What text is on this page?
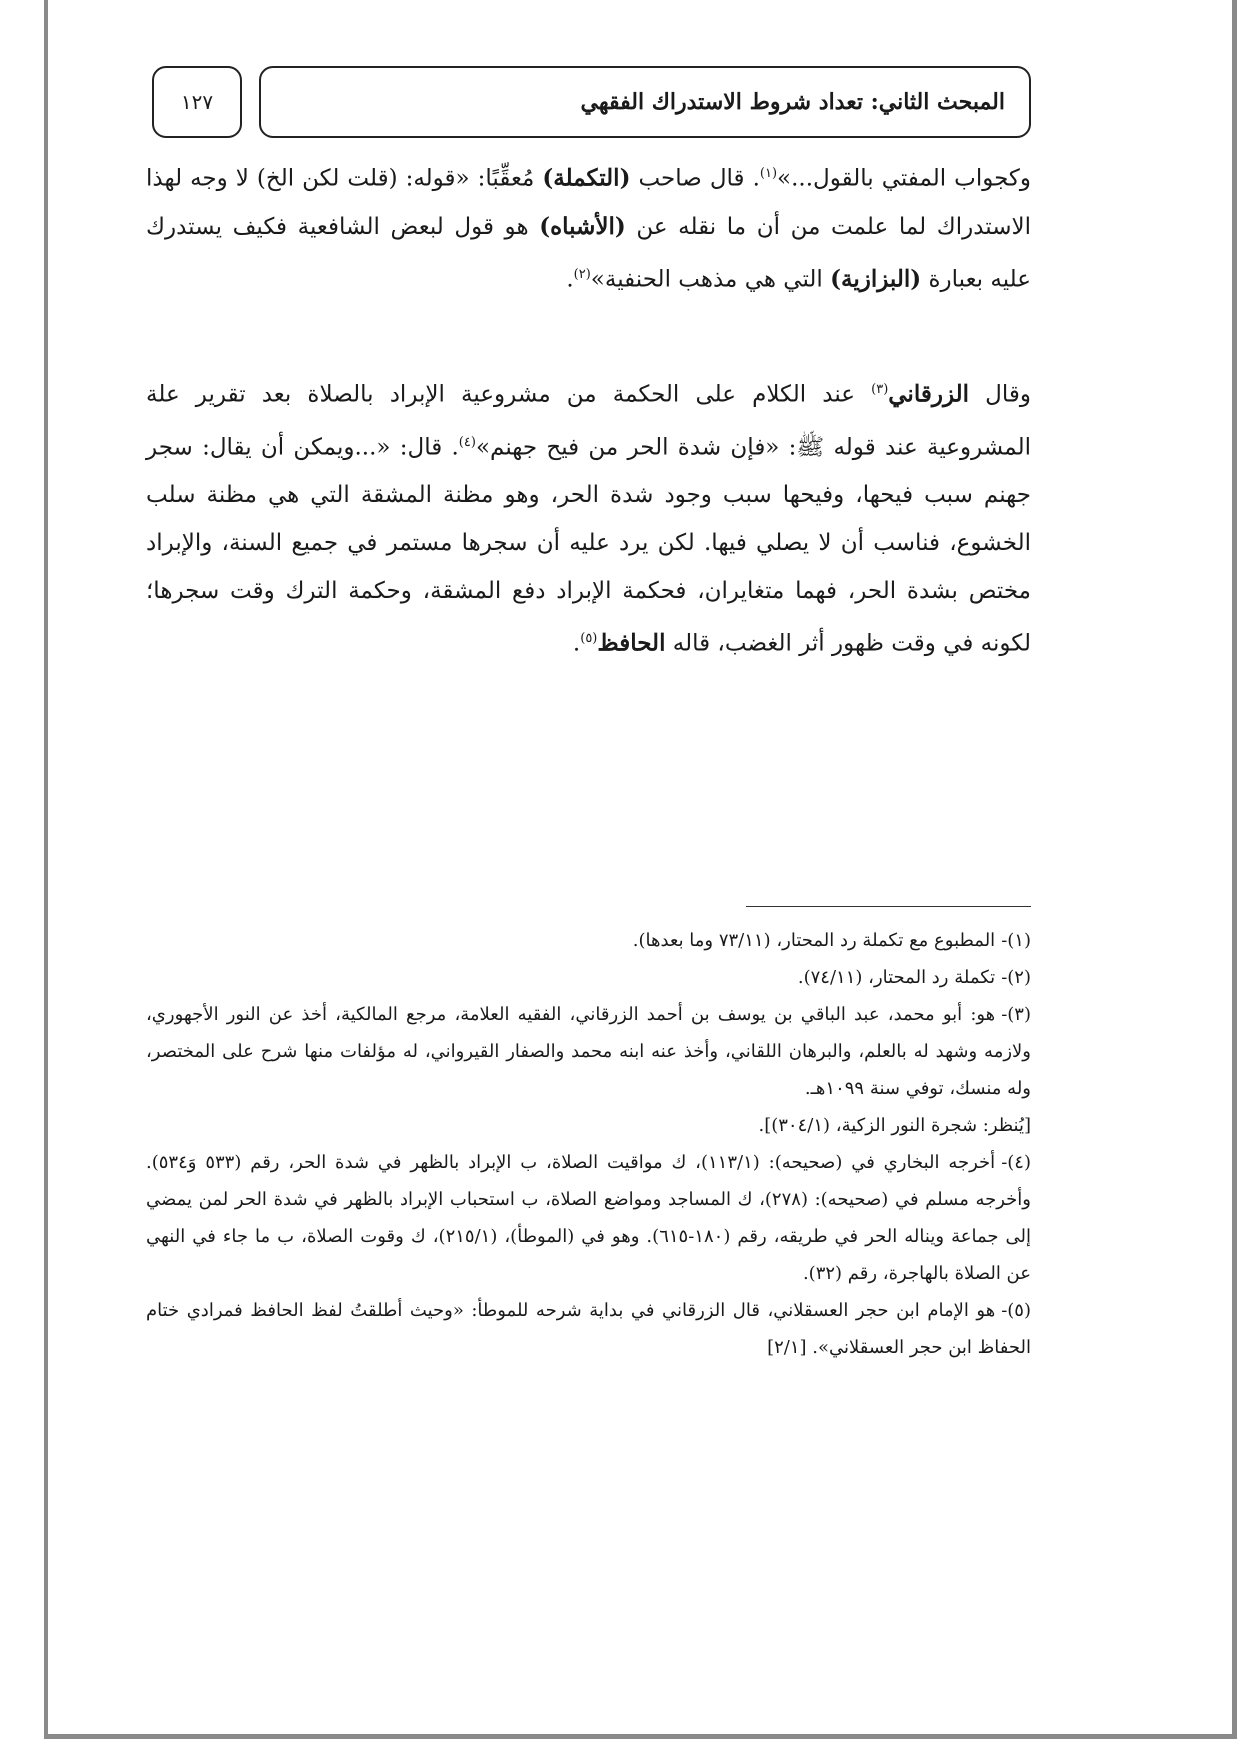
١٢٧	المبحث الثاني: تعداد شروط الاستدراك الفقهي

وكجواب المفتي بالقول...»$^{(١)}$. قال صاحب (التكملة) مُعقِّبًا: «قوله: (قلت لكن الخ) لا وجه لهذا الاستدراك لما علمت من أن ما نقله عن (الأشباه) هو قول لبعض الشافعية فكيف يستدرك عليه بعبارة (البزازية) التي هي مذهب الحنفية»$^{(٢)}$.

وقال الزرقاني$^{(٣)}$ عند الكلام على الحكمة من مشروعية الإبراد بالصلاة بعد تقرير علة المشروعية عند قوله ﷺ: «فإن شدة الحر من فيح جهنم»$^{(٤)}$. قال: «...ويمكن أن يقال: سجر جهنم سبب فيحها، وفيحها سبب وجود شدة الحر، وهو مظنة المشقة التي هي مظنة سلب الخشوع، فناسب أن لا يصلي فيها. لكن يرد عليه أن سجرها مستمر في جميع السنة، والإبراد مختص بشدة الحر، فهما متغايران، فحكمة الإبراد دفع المشقة، وحكمة الترك وقت سجرها؛ لكونه في وقت ظهور أثر الغضب، قاله الحافظ$^{(٥)}$.

(١)-المطبوع مع تكملة رد المحتار، (٧٣/١١ وما بعدها).

(٢)-تكملة رد المحتار، (٧٤/١١).

(٣)-هو: أبو محمد، عبد الباقي بن يوسف بن أحمد الزرقاني، الفقيه العلامة، مرجع المالكية، أخذ عن النور الأجهوري، ولازمه وشهد له بالعلم، والبرهان اللقاني، وأخذ عنه ابنه محمد والصفار القيرواني، له مؤلفات منها شرح على المختصر، وله منسك، توفي سنة ١٠٩٩هـ.

[يُنظر: شجرة النور الزكية، (٣٠٤/١)].

(٤)-أخرجه البخاري في (صحيحه): (١١٣/١)، ك مواقيت الصلاة، ب الإبراد بالظهر في شدة الحر، رقم (٥٣٣ وَ٥٣٤). وأخرجه مسلم في (صحيحه): (٢٧٨)، ك المساجد ومواضع الصلاة، ب استحباب الإبراد بالظهر في شدة الحر لمن يمضي إلى جماعة ويناله الحر في طريقه، رقم (١٨٠-٦١٥). وهو في (الموطأ)، (٢١٥/١)، ك وقوت الصلاة، ب ما جاء في النهي عن الصلاة بالهاجرة، رقم (٣٢).

(٥)-هو الإمام ابن حجر العسقلاني، قال الزرقاني في بداية شرحه للموطأ: «وحيث أطلقتُ لفظ الحافظ فمرادي ختام الحفاظ ابن حجر العسقلاني». [٢/١]
